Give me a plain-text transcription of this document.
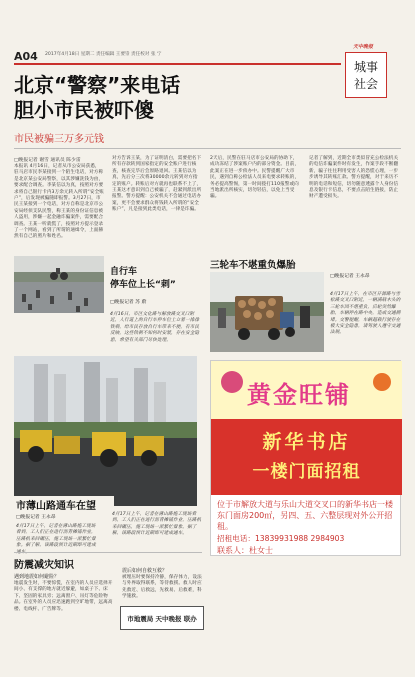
A04 2017年4月18日 星期二 责任编辑 王要崇 责任校对 张 宁
天中晚报
城事
社会
北京“警察”来电话
胆小市民被吓傻
市民被骗三万多元钱
□晚报记者 谢雪 通讯员 陈少雷
本报讯 4月16日，记者从市公安局获悉，驻马店市民李某接到一个陌生电话，对方称是北京某公安局警察，以其涉嫌洗钱为由，要求配合调查。李某信以为真，按照对方要求将自己银行卡内3万余元转入所谓“安全账户”，后发现被骗随即报警。3月27日，市民王某接到一个电话，对方自称是北京市公安局经侦支队民警，称王某的身份证信息被人盗用，涉嫌一起金融诈骗案件，需要配合调查。王某一听就慌了，按照对方提示登录了一个网站，看到了所谓的通缉令，上面赫然有自己的照片和姓名。
对方告诉王某，为了证明清白，需要把名下所有存款转到国家指定的安全账户进行核查，核查完毕后会原路退回。王某信以为真，先后分三次将30000余元转到对方指定的账户。转账后对方就再也联系不上了，王某这才意识到自己被骗了，赶紧到派出所报警。警方提醒：公安机关不会通过电话办案，更不会要求群众将钱转入所谓的“安全账户”，凡是接到此类电话，一律是诈骗。
2天后，民警在驻马店市公安局的协助下，成功冻结了涉案账户内的部分资金。目前，此案正在进一步侦办中。民警提醒广大市民，遇到自称公检法人员来电要求转账的，务必提高警惕，第一时间拨打110报警或向当地派出所核实，切勿轻信，以免上当受骗。
记者了解到，近期全市类似冒充公检法机关的电信诈骗案件时有发生，作案手段不断翻新，骗子往往利用受害人的恐慌心理，一步步诱导其转账汇款。警方提醒，对于来历不明的电话和短信，切勿随意透露个人身份信息及银行卡信息，不要点击陌生链接，防止财产遭受损失。
自行车
停车位上长“刺”
□晚报记者 苏 蔚
4月16日，市区文化路与解放路交叉口附近，人行道上的自行车停车位上立着一排排铁刺，给市民存放自行车带来不便。有市民反映，这些铁刺不知何时安装，存在安全隐患，希望有关部门尽快处理。
三轮车不堪重负爆胎
□晚报记者 王永昂
4月17日上午，在市区开源路与雪松路交叉口附近，一辆满载木头的三轮车因不堪重负，后轮突然爆胎，车辆停在路中央，造成交通拥堵。交警提醒，车辆超载行驶存在极大安全隐患，请驾驶人遵守交通法规。
市薄山路通车在望
□晚报记者 王永昂
4月17日上午，记者在薄山路施工现场看到，工人们正在进行沥青摊铺作业，压路机来回碾压，施工现场一派繁忙景象。据了解，该路段预计近期即可建成
4月17日上午，记者在薄山路施工现场看到，工人们正在进行沥青摊铺作业，压路机来回碾压，施工现场一派繁忙景象。据了解，该路段预计近期即可建成通车。
黄金旺铺
新华书店
一楼门面招租
位于市解放大道与乐山大道交叉口的新华书店一楼东门面房200㎡，另四、五、六整层现对外公开招租。
招租电话：13839931988 2984903
联系人：杜女士
防震减灾知识
遇到地震如何避险？
地震发生时，不要惊慌，在室内的人员应选择开间小、有支撑的地方就近躲避，如桌子下、床下、坚固的家具旁；远离窗户、吊灯等危险物品。在室外的人员应迅速跑到空旷地带，远离高楼、电线杆、广告牌等。
震后如何自救互救？
被埋压时要保持冷静，保存体力，设法与外界取得联系，等待救援。救人时应先救近、后救远，先救易、后救难，科学施救。
市地震局 天中晚报 联办
